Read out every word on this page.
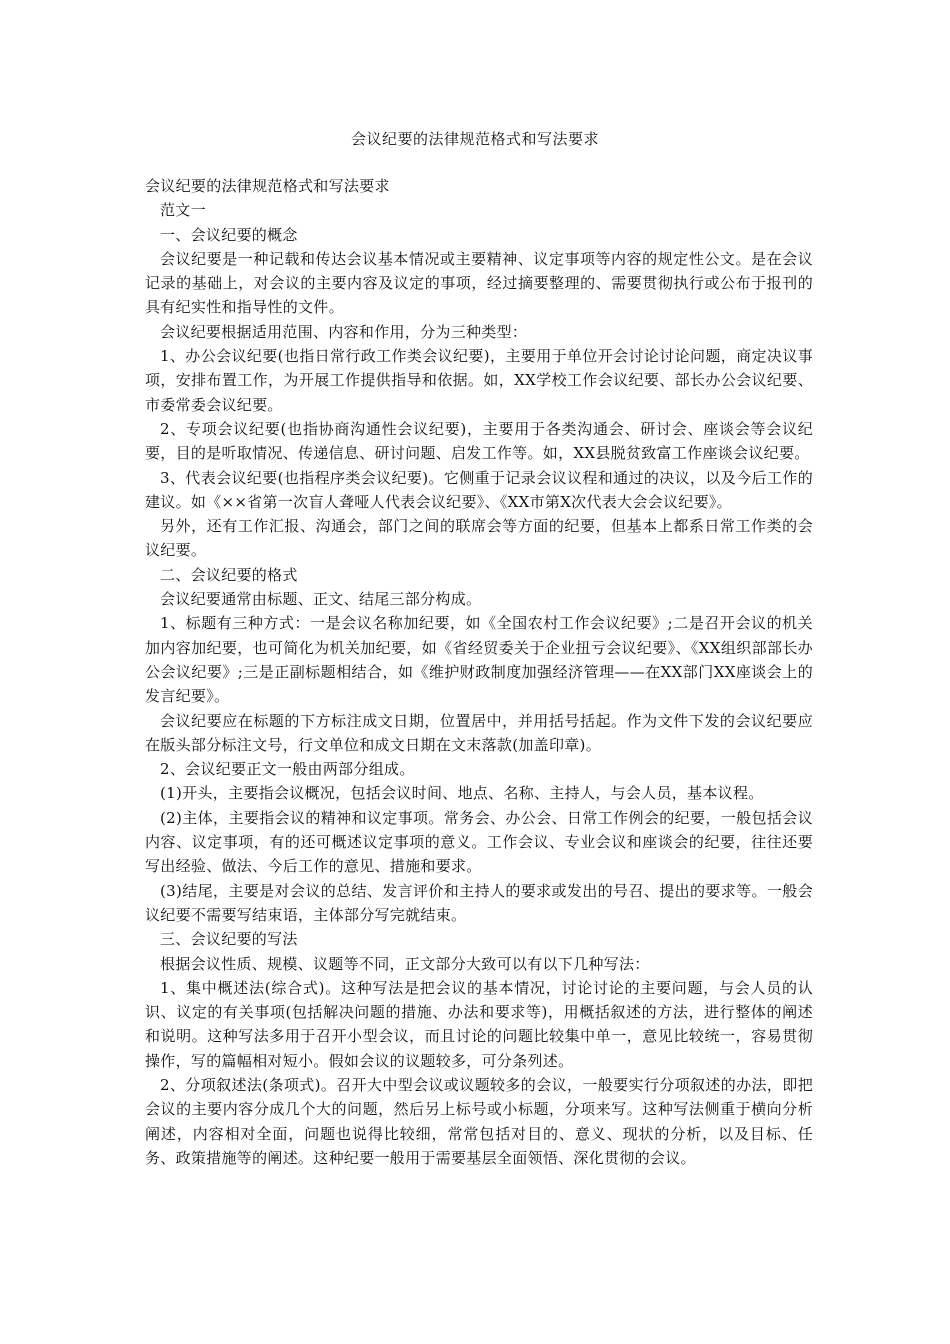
会议纪要的法律规范格式和写法要求

会议纪要的法律规范格式和写法要求

范文一

一、会议纪要的概念

会议纪要是一种记载和传达会议基本情况或主要精神、议定事项等内容的规定性公文。是在会议记录的基础上，对会议的主要内容及议定的事项，经过摘要整理的、需要贯彻执行或公布于报刊的具有纪实性和指导性的文件。

会议纪要根据适用范围、内容和作用，分为三种类型：

1、办公会议纪要(也指日常行政工作类会议纪要)，主要用于单位开会讨论讨论问题，商定决议事项，安排布置工作，为开展工作提供指导和依据。如，XX学校工作会议纪要、部长办公会议纪要、市委常委会议纪要。

2、专项会议纪要(也指协商沟通性会议纪要)，主要用于各类沟通会、研讨会、座谈会等会议纪要，目的是听取情况、传递信息、研讨问题、启发工作等。如，XX县脱贫致富工作座谈会议纪要。

3、代表会议纪要(也指程序类会议纪要)。它侧重于记录会议议程和通过的决议，以及今后工作的建议。如《××省第一次盲人聋哑人代表会议纪要》、《XX市第X次代表大会会议纪要》。

另外，还有工作汇报、沟通会，部门之间的联席会等方面的纪要，但基本上都系日常工作类的会议纪要。

二、会议纪要的格式

会议纪要通常由标题、正文、结尾三部分构成。

1、标题有三种方式：一是会议名称加纪要，如《全国农村工作会议纪要》;二是召开会议的机关加内容加纪要，也可简化为机关加纪要，如《省经贸委关于企业扭亏会议纪要》、《XX组织部部长办公会议纪要》;三是正副标题相结合，如《维护财政制度加强经济管理——在XX部门XX座谈会上的发言纪要》。

会议纪要应在标题的下方标注成文日期，位置居中，并用括号括起。作为文件下发的会议纪要应在版头部分标注文号，行文单位和成文日期在文末落款(加盖印章)。

2、会议纪要正文一般由两部分组成。

(1)开头，主要指会议概况，包括会议时间、地点、名称、主持人，与会人员，基本议程。

(2)主体，主要指会议的精神和议定事项。常务会、办公会、日常工作例会的纪要，一般包括会议内容、议定事项，有的还可概述议定事项的意义。工作会议、专业会议和座谈会的纪要，往往还要写出经验、做法、今后工作的意见、措施和要求。

(3)结尾，主要是对会议的总结、发言评价和主持人的要求或发出的号召、提出的要求等。一般会议纪要不需要写结束语，主体部分写完就结束。

三、会议纪要的写法

根据会议性质、规模、议题等不同，正文部分大致可以有以下几种写法：

1、集中概述法(综合式)。这种写法是把会议的基本情况，讨论讨论的主要问题，与会人员的认识、议定的有关事项(包括解决问题的措施、办法和要求等)，用概括叙述的方法，进行整体的阐述和说明。这种写法多用于召开小型会议，而且讨论的问题比较集中单一，意见比较统一，容易贯彻操作，写的篇幅相对短小。假如会议的议题较多，可分条列述。

2、分项叙述法(条项式)。召开大中型会议或议题较多的会议，一般要实行分项叙述的办法，即把会议的主要内容分成几个大的问题，然后另上标号或小标题，分项来写。这种写法侧重于横向分析阐述，内容相对全面，问题也说得比较细，常常包括对目的、意义、现状的分析，以及目标、任务、政策措施等的阐述。这种纪要一般用于需要基层全面领悟、深化贯彻的会议。
